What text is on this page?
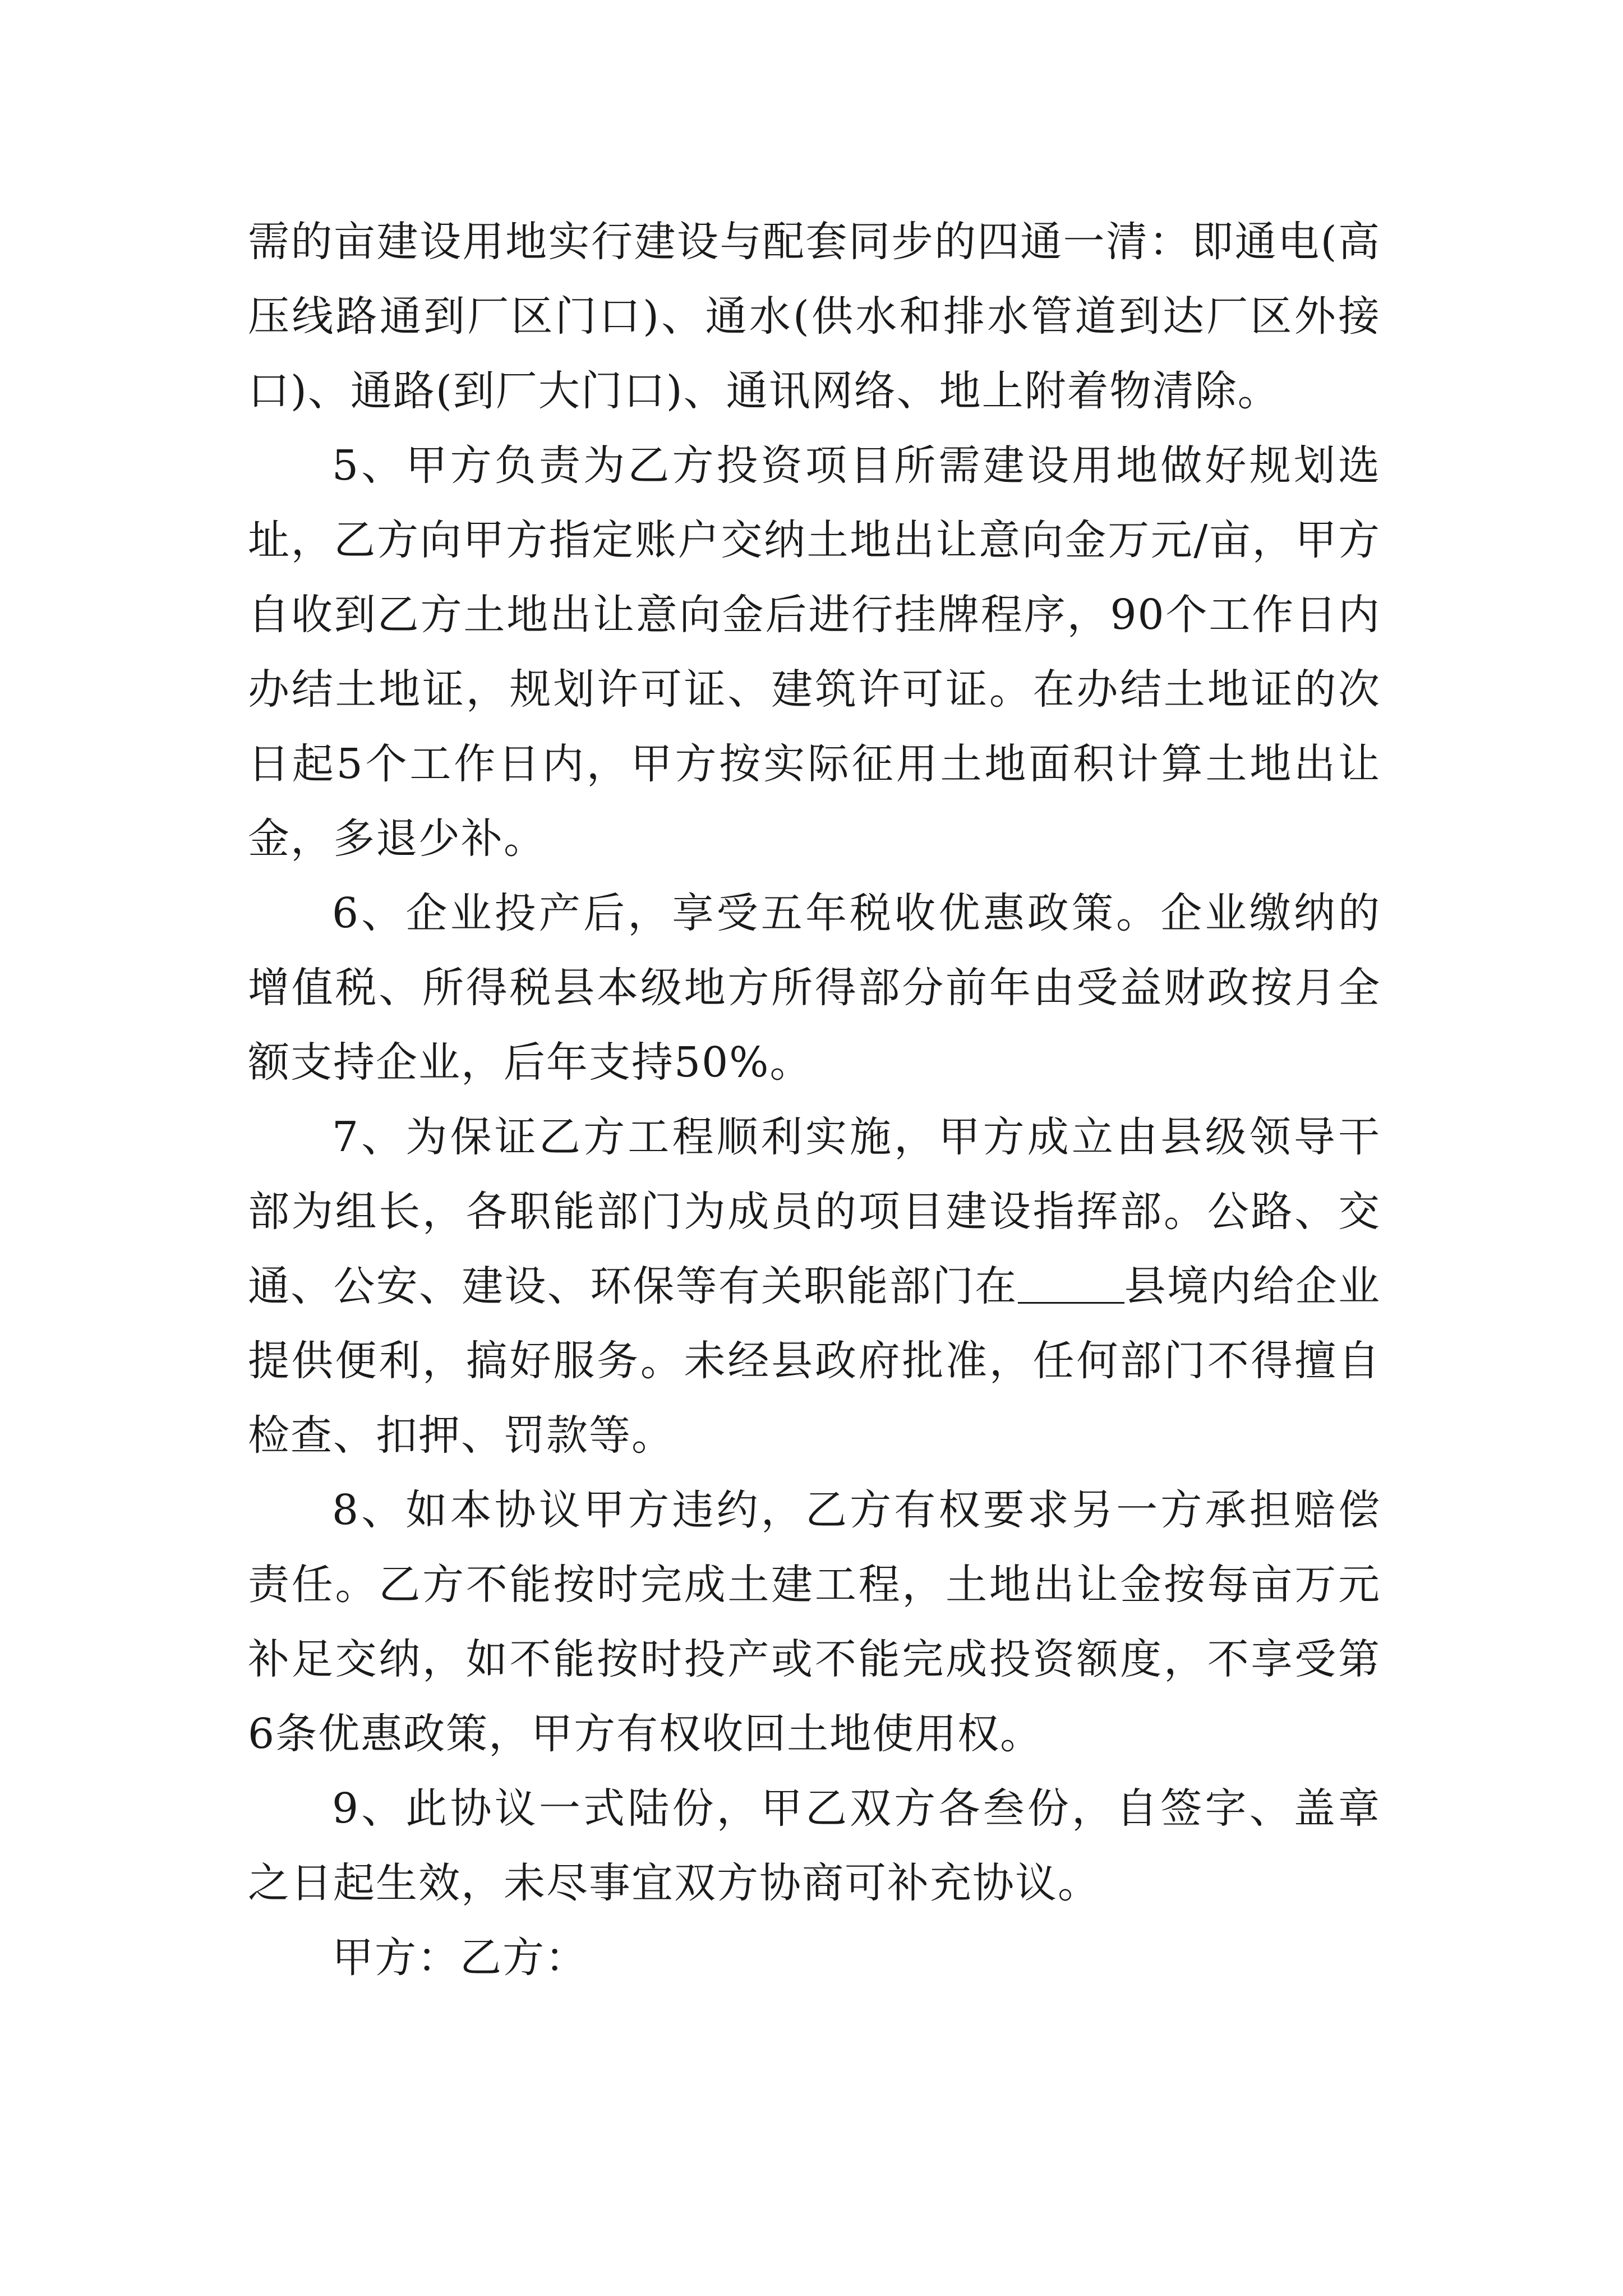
需的亩建设用地实行建设与配套同步的四通一清：即通电(高压线路通到厂区门口)、通水(供水和排水管道到达厂区外接口)、通路(到厂大门口)、通讯网络、地上附着物清除。

5、甲方负责为乙方投资项目所需建设用地做好规划选址，乙方向甲方指定账户交纳土地出让意向金万元/亩，甲方自收到乙方土地出让意向金后进行挂牌程序，90个工作日内办结土地证，规划许可证、建筑许可证。在办结土地证的次日起5个工作日内，甲方按实际征用土地面积计算土地出让金，多退少补。

6、企业投产后，享受五年税收优惠政策。企业缴纳的增值税、所得税县本级地方所得部分前年由受益财政按月全额支持企业，后年支持50%。

7、为保证乙方工程顺利实施，甲方成立由县级领导干部为组长，各职能部门为成员的项目建设指挥部。公路、交通、公安、建设、环保等有关职能部门在	县境内给企业提供便利，搞好服务。未经县政府批准，任何部门不得擅自检查、扣押、罚款等。

8、如本协议甲方违约，乙方有权要求另一方承担赔偿责任。乙方不能按时完成土建工程，土地出让金按每亩万元补足交纳，如不能按时投产或不能完成投资额度，不享受第6条优惠政策，甲方有权收回土地使用权。

9、此协议一式陆份，甲乙双方各叁份，自签字、盖章之日起生效，未尽事宜双方协商可补充协议。

甲方：乙方：
